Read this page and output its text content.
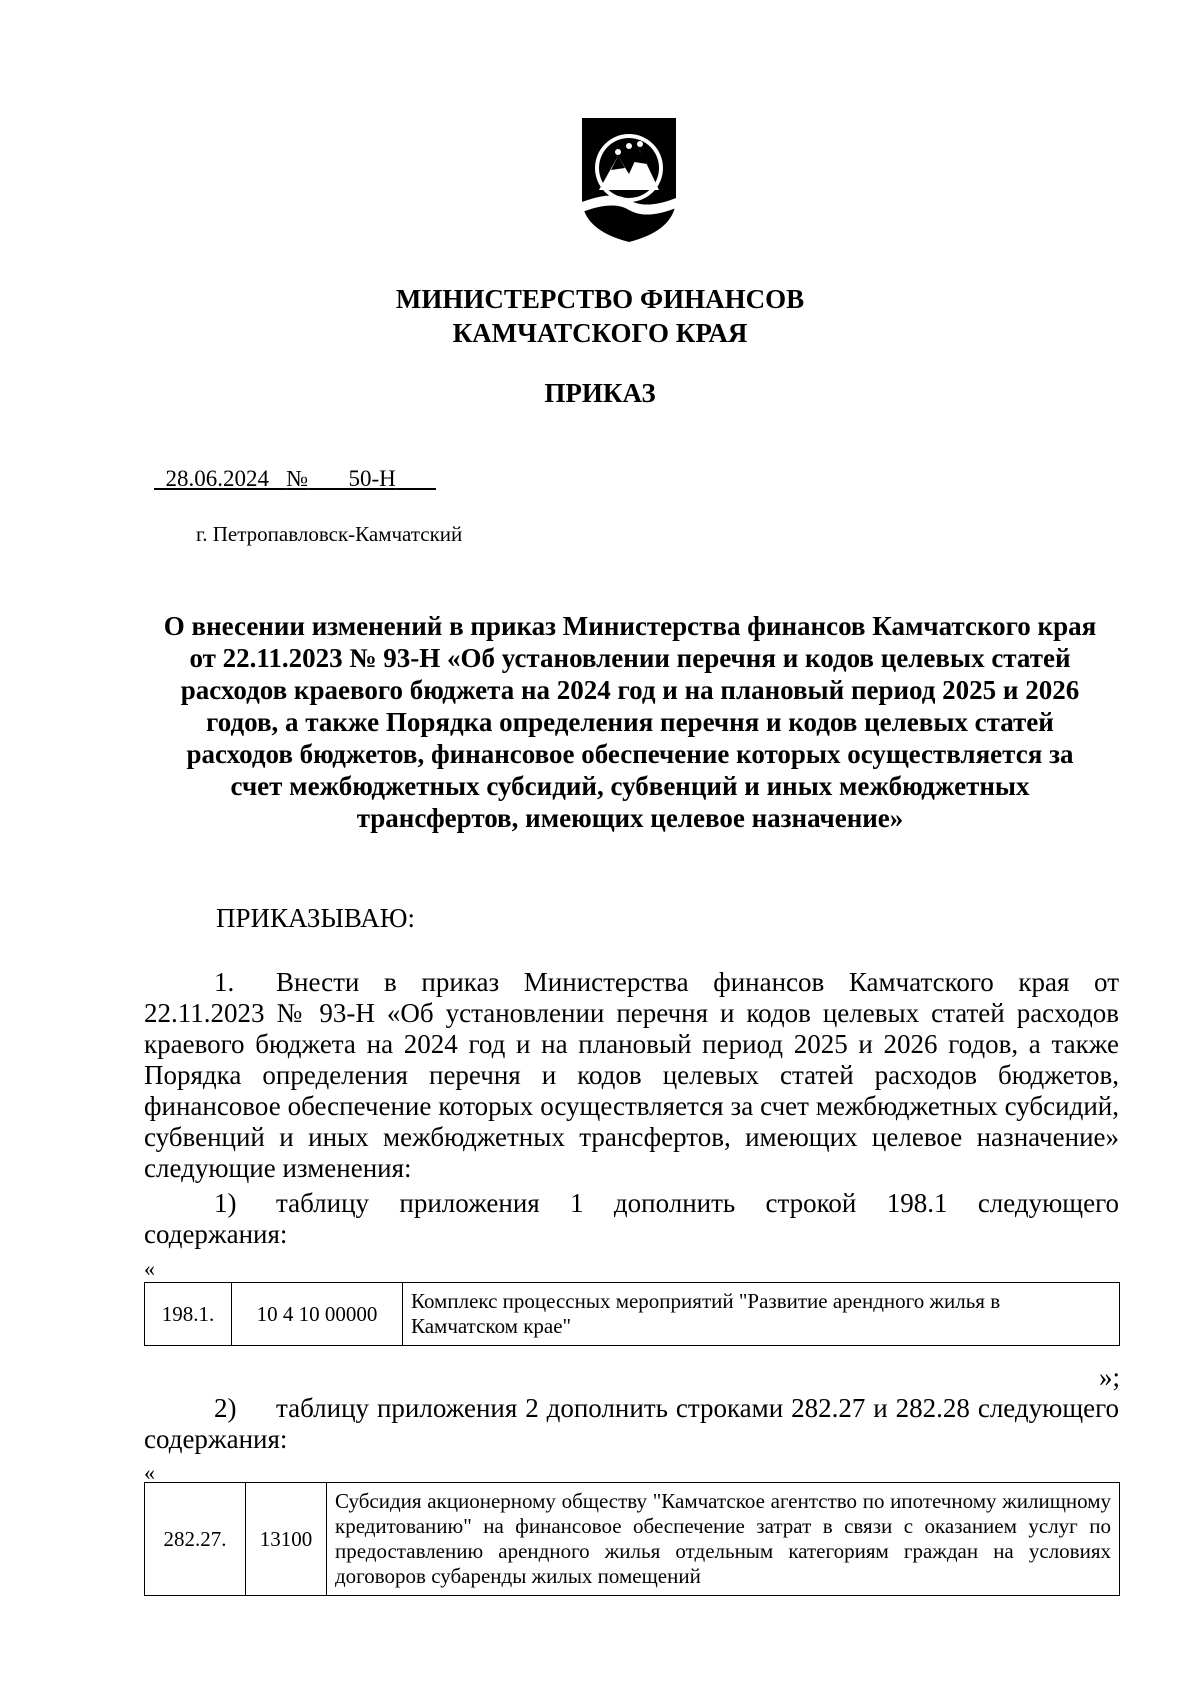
МИНИСТЕРСТВО ФИНАНСОВ
КАМЧАТСКОГО КРАЯ
ПРИКАЗ
28.06.2024 № 50-Н
г. Петропавловск-Камчатский
О внесении изменений в приказ Министерства финансов Камчатского края от 22.11.2023 № 93-Н «Об установлении перечня и кодов целевых статей расходов краевого бюджета на 2024 год и на плановый период 2025 и 2026 годов, а также Порядка определения перечня и кодов целевых статей расходов бюджетов, финансовое обеспечение которых осуществляется за счет межбюджетных субсидий, субвенций и иных межбюджетных трансфертов, имеющих целевое назначение»
ПРИКАЗЫВАЮ:
1. Внести в приказ Министерства финансов Камчатского края от 22.11.2023 № 93-Н «Об установлении перечня и кодов целевых статей расходов краевого бюджета на 2024 год и на плановый период 2025 и 2026 годов, а также Порядка определения перечня и кодов целевых статей расходов бюджетов, финансовое обеспечение которых осуществляется за счет межбюджетных субсидий, субвенций и иных межбюджетных трансфертов, имеющих целевое назначение» следующие изменения:
1) таблицу приложения 1 дополнить строкой 198.1 следующего содержания:
«
198.1.	10 4 10 00000	Комплекс процессных мероприятий "Развитие арендного жилья в Камчатском крае"
»;
2) таблицу приложения 2 дополнить строками 282.27 и 282.28 следующего содержания:
«
282.27.	13100	Субсидия акционерному обществу "Камчатское агентство по ипотечному жилищному кредитованию" на финансовое обеспечение затрат в связи с оказанием услуг по предоставлению арендного жилья отдельным категориям граждан на условиях договоров субаренды жилых помещений
